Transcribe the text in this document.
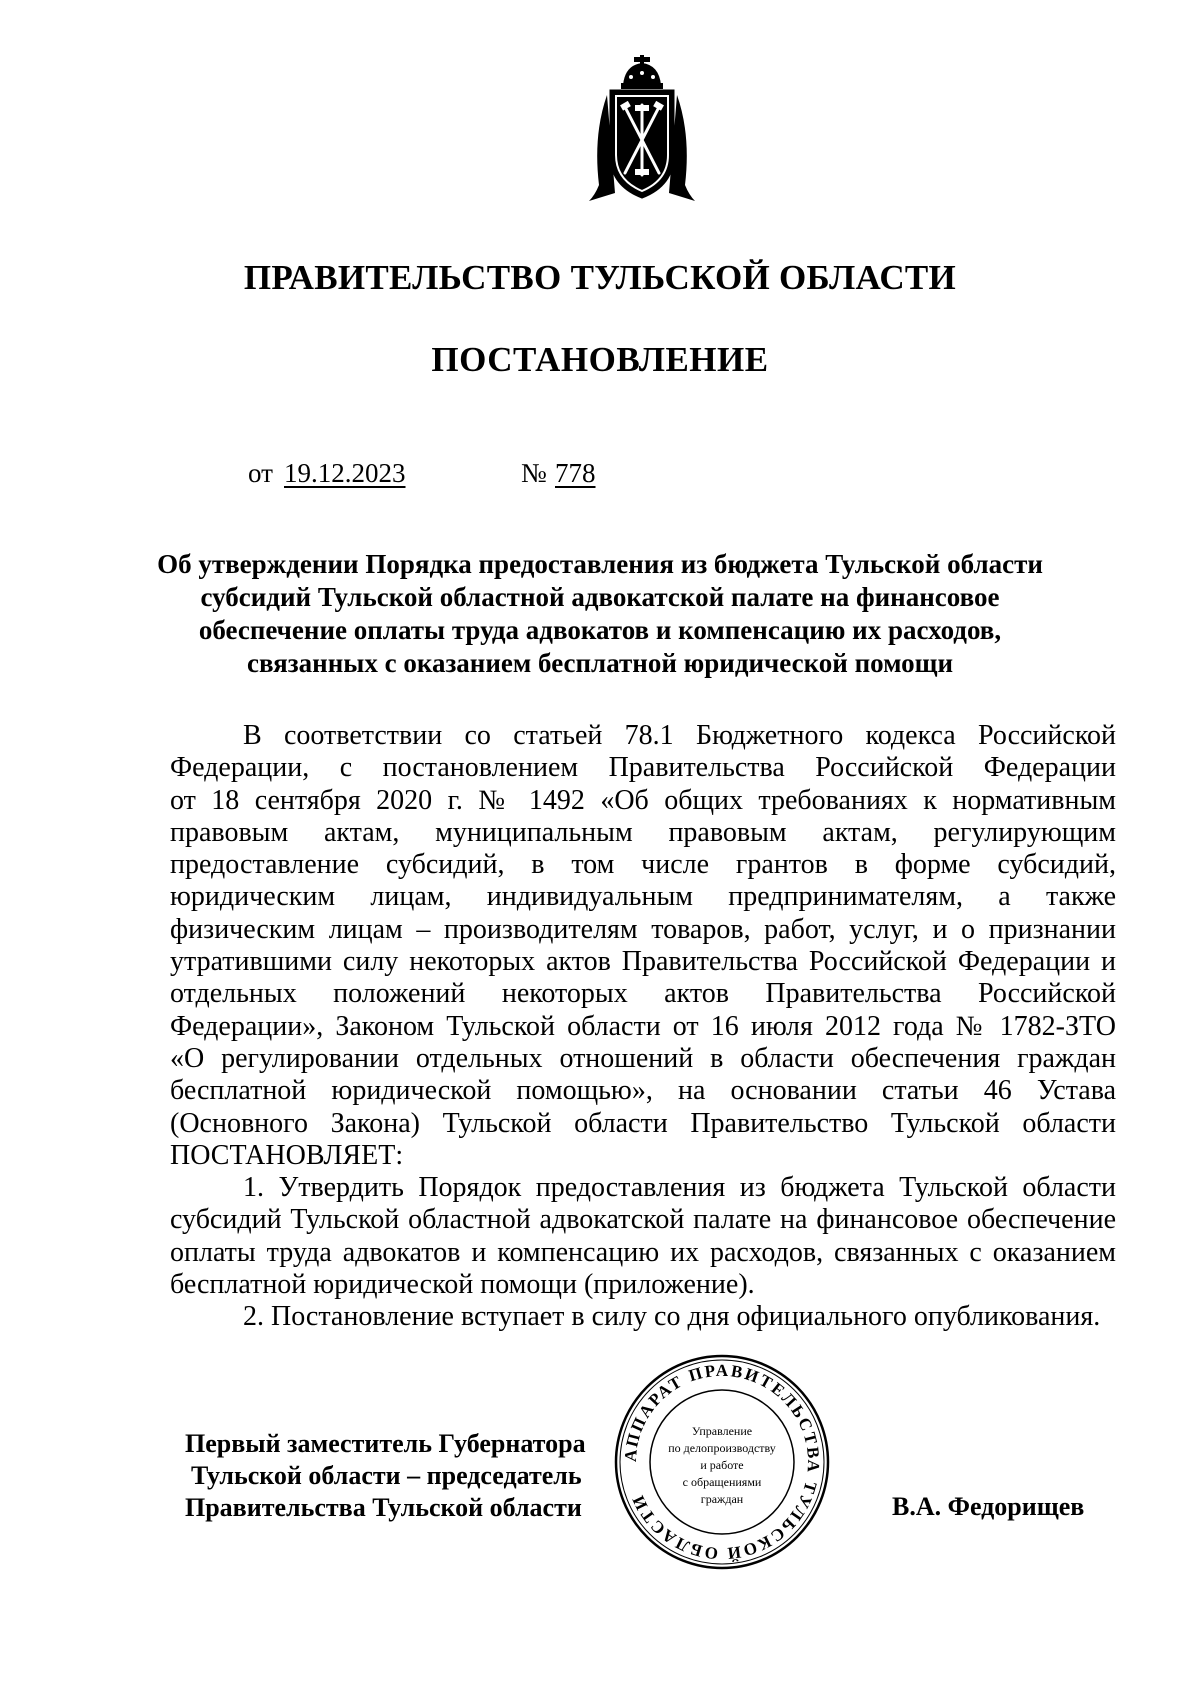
ПРАВИТЕЛЬСТВО ТУЛЬСКОЙ ОБЛАСТИ
ПОСТАНОВЛЕНИЕ
от 19.12.2023	№ 778
Об утверждении Порядка предоставления из бюджета Тульской области
субсидий Тульской областной адвокатской палате на финансовое
обеспечение оплаты труда адвокатов и компенсацию их расходов,
связанных с оказанием бесплатной юридической помощи
В соответствии со статьей 78.1 Бюджетного кодекса Российской
Федерации, с постановлением Правительства Российской Федерации
от 18 сентября 2020 г. № 1492 «Об общих требованиях к нормативным
правовым актам, муниципальным правовым актам, регулирующим
предоставление субсидий, в том числе грантов в форме субсидий,
юридическим лицам, индивидуальным предпринимателям, а также
физическим лицам – производителям товаров, работ, услуг, и о признании
утратившими силу некоторых актов Правительства Российской Федерации и
отдельных положений некоторых актов Правительства Российской
Федерации», Законом Тульской области от 16 июля 2012 года № 1782-ЗТО
«О регулировании отдельных отношений в области обеспечения граждан
бесплатной юридической помощью», на основании статьи 46 Устава
(Основного Закона) Тульской области Правительство Тульской области
ПОСТАНОВЛЯЕТ:
1. Утвердить Порядок предоставления из бюджета Тульской области
субсидий Тульской областной адвокатской палате на финансовое обеспечение
оплаты труда адвокатов и компенсацию их расходов, связанных с оказанием
бесплатной юридической помощи (приложение).
2. Постановление вступает в силу со дня официального опубликования.
Первый заместитель Губернатора
Тульской области – председатель
Правительства Тульской области	В.А. Федорищев
АППАРАТ ПРАВИТЕЛЬСТВА ТУЛЬСКОЙ ОБЛАСТИ
Управление
по делопроизводству
и работе
с обращениями
граждан
